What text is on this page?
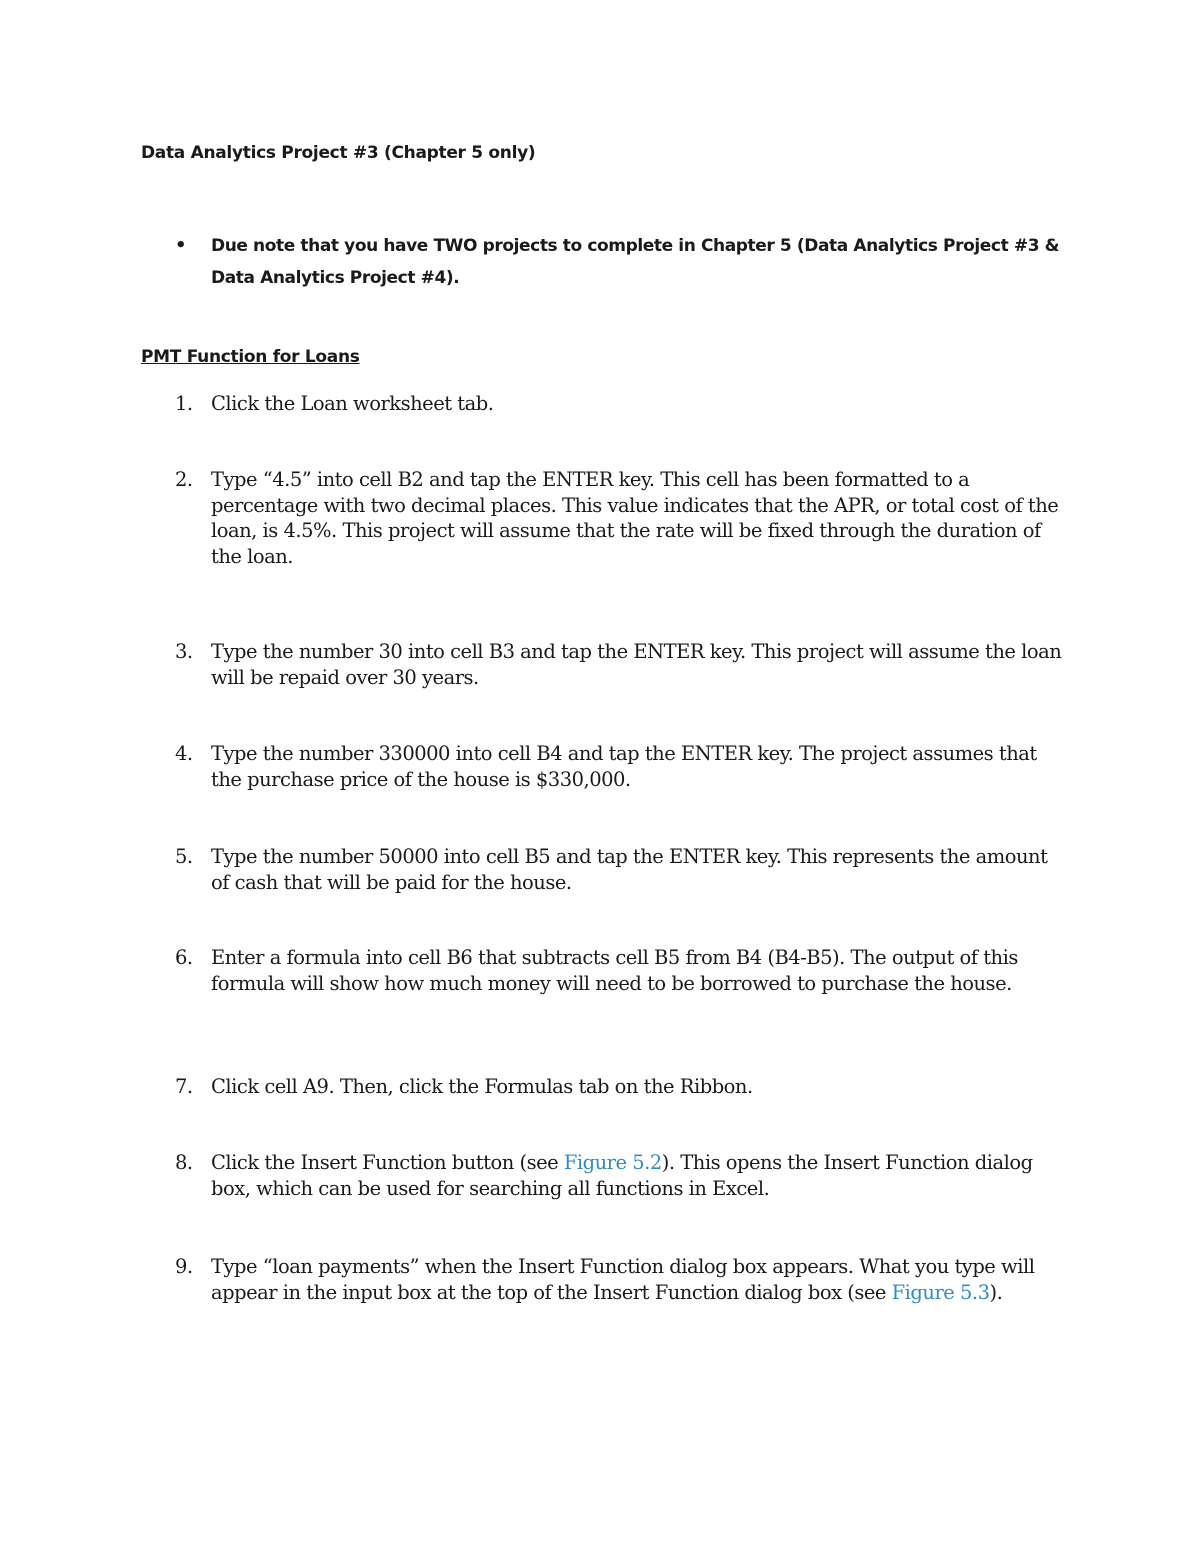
Data Analytics Project #3 (Chapter 5 only)
• Due note that you have TWO projects to complete in Chapter 5 (Data Analytics Project #3 & Data Analytics Project #4).
PMT Function for Loans
1. Click the Loan worksheet tab.
2. Type “4.5” into cell B2 and tap the ENTER key. This cell has been formatted to a percentage with two decimal places. This value indicates that the APR, or total cost of the loan, is 4.5%. This project will assume that the rate will be fixed through the duration of the loan.
3. Type the number 30 into cell B3 and tap the ENTER key. This project will assume the loan will be repaid over 30 years.
4. Type the number 330000 into cell B4 and tap the ENTER key. The project assumes that the purchase price of the house is $330,000.
5. Type the number 50000 into cell B5 and tap the ENTER key. This represents the amount of cash that will be paid for the house.
6. Enter a formula into cell B6 that subtracts cell B5 from B4 (B4-B5). The output of this formula will show how much money will need to be borrowed to purchase the house.
7. Click cell A9. Then, click the Formulas tab on the Ribbon.
8. Click the Insert Function button (see Figure 5.2). This opens the Insert Function dialog box, which can be used for searching all functions in Excel.
9. Type “loan payments” when the Insert Function dialog box appears. What you type will appear in the input box at the top of the Insert Function dialog box (see Figure 5.3).
